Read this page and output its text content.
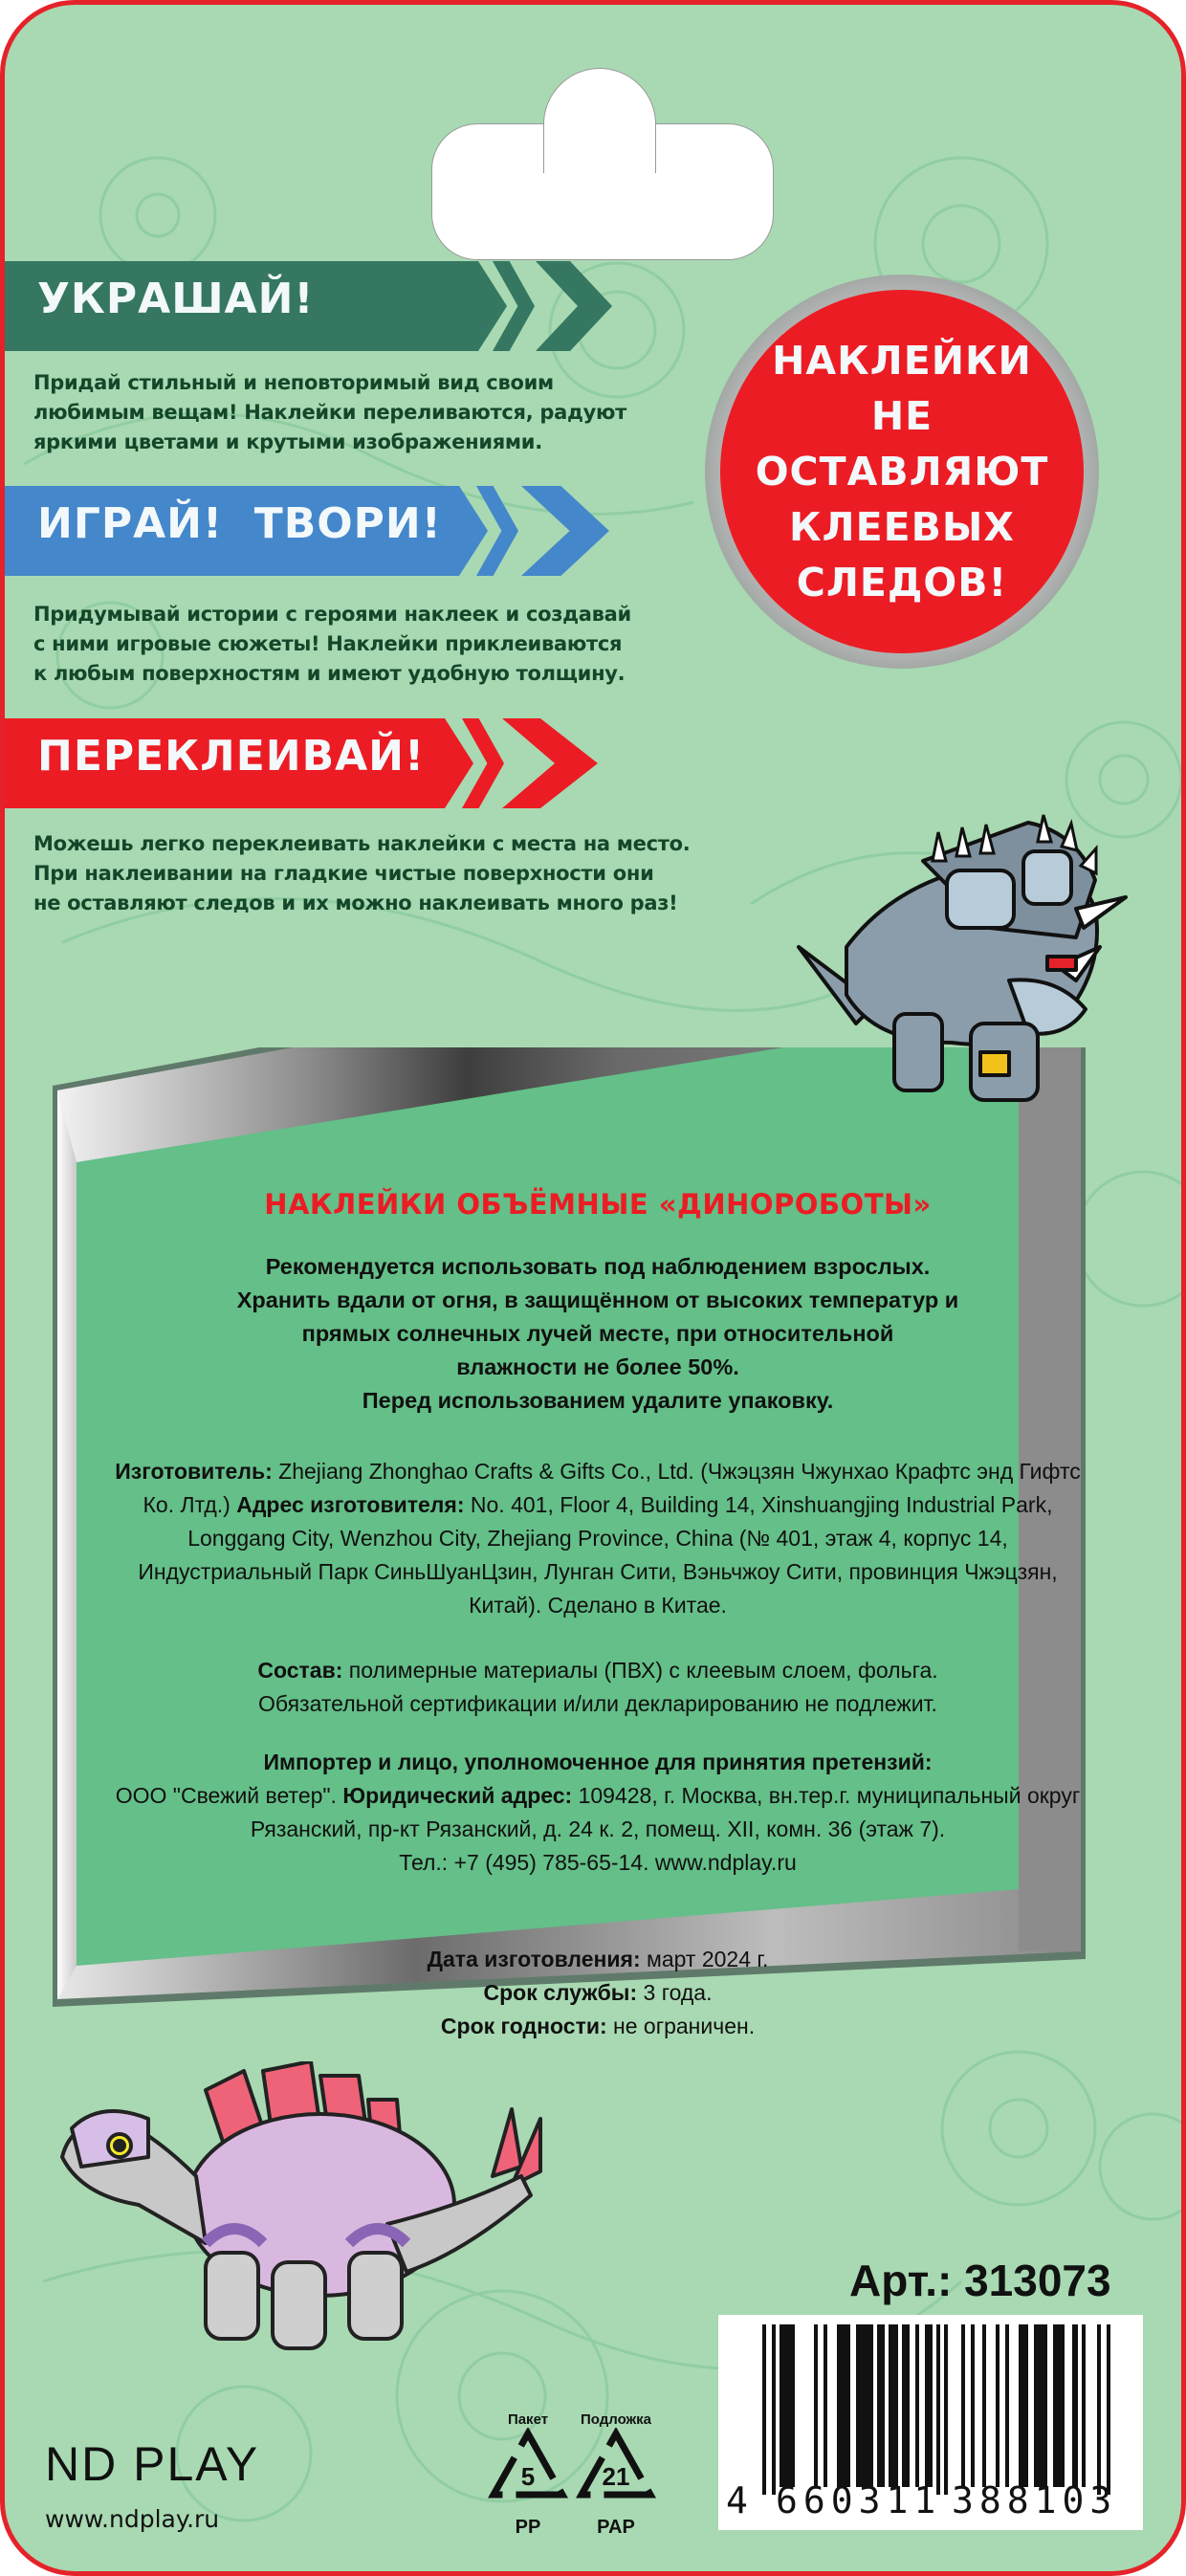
УКРАШАЙ!
Придай стильный и неповторимый вид своим
любимым вещам! Наклейки переливаются, радуют
яркими цветами и крутыми изображениями.
ИГРАЙ!  ТВОРИ!
Придумывай истории с героями наклеек и создавай
с ними игровые сюжеты! Наклейки приклеиваются
к любым поверхностям и имеют удобную толщину.
ПЕРЕКЛЕИВАЙ!
Можешь легко переклеивать наклейки с места на место.
При наклеивании на гладкие чистые поверхности они
не оставляют следов и их можно наклеивать много раз!
НАКЛЕЙКИ
НЕ ОСТАВЛЯЮТ
КЛЕЕВЫХ
СЛЕДОВ!
НАКЛЕЙКИ ОБЪЁМНЫЕ «ДИНОРОБОТЫ»
Рекомендуется использовать под наблюдением взрослых.
Хранить вдали от огня, в защищённом от высоких температур и
прямых солнечных лучей месте, при относительной
влажности не более 50%.
Перед использованием удалите упаковку.
Изготовитель: Zhejiang Zhonghao Crafts & Gifts Co., Ltd. (Чжэцзян Чжунхао Крафтс энд Гифтс Ко. Лтд.) Адрес изготовителя: No. 401, Floor 4, Building 14, Xinshuangjing Industrial Park, Longgang City, Wenzhou City, Zhejiang Province, China (№ 401, этаж 4, корпус 14, Индустриальный Парк СиньШуанЦзин, Лунган Сити, Вэньчжоу Сити, провинция Чжэцзян, Китай). Сделано в Китае.
Состав: полимерные материалы (ПВХ) с клеевым слоем, фольга.
Обязательной сертификации и/или декларированию не подлежит.
Импортер и лицо, уполномоченное для принятия претензий:
ООО "Свежий ветер". Юридический адрес: 109428, г. Москва, вн.тер.г. муниципальный округ Рязанский, пр-кт Рязанский, д. 24 к. 2, помещ. XII, комн. 36 (этаж 7).
Тел.: +7 (495) 785-65-14. www.ndplay.ru
Дата изготовления: март 2024 г.
Срок службы: 3 года.
Срок годности: не ограничен.
ND PLAY
www.ndplay.ru
Пакет
5
PP
Подложка
21
PAP
Арт.: 313073
4 660311 388103
